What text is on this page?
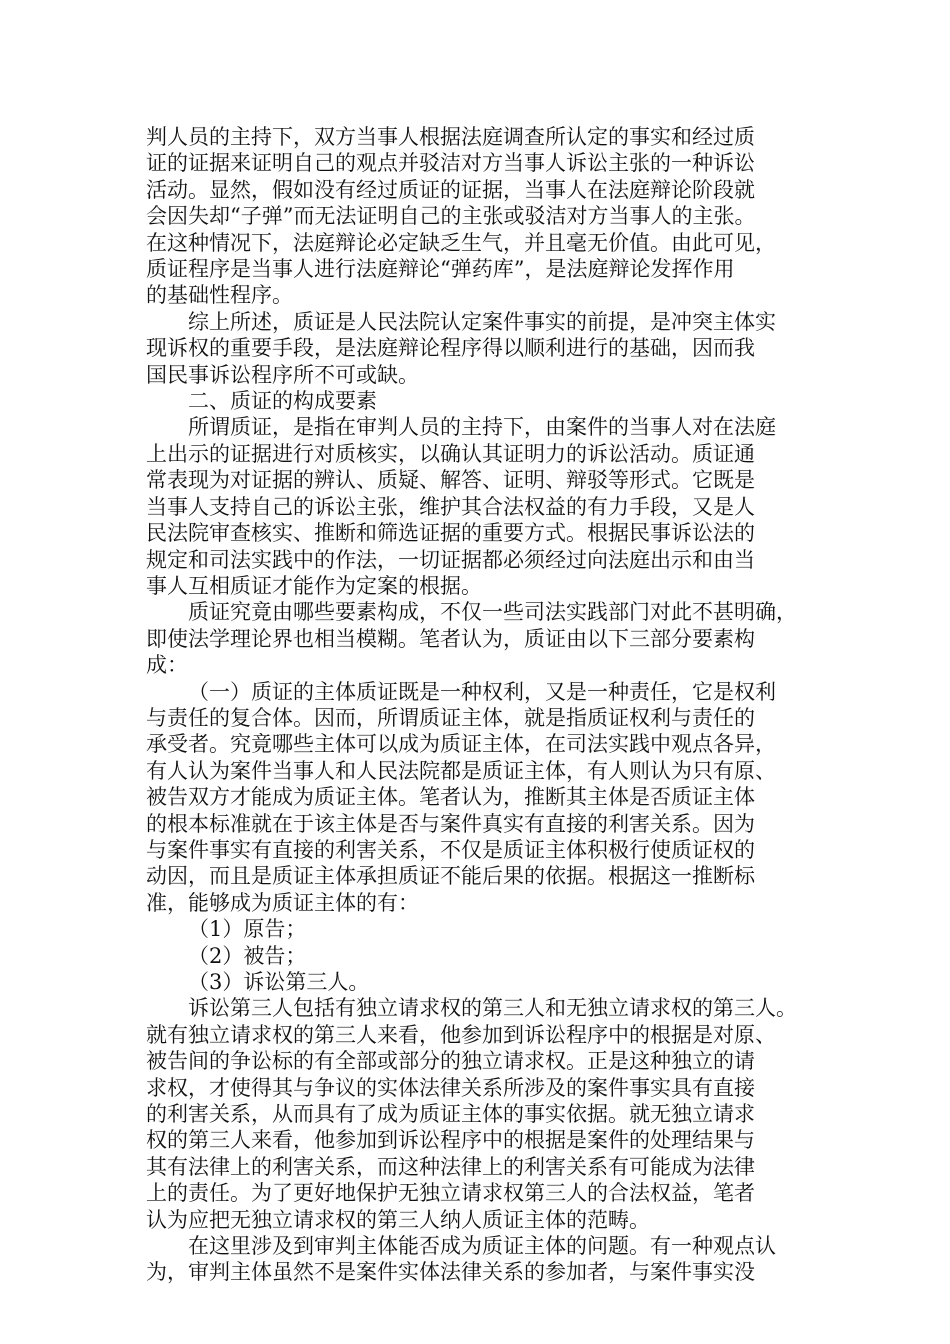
判人员的主持下，双方当事人根据法庭调查所认定的事实和经过质
证的证据来证明自己的观点并驳洁对方当事人诉讼主张的一种诉讼
活动。显然，假如没有经过质证的证据，当事人在法庭辩论阶段就
会因失却“子弹”而无法证明自己的主张或驳洁对方当事人的主张。
在这种情况下，法庭辩论必定缺乏生气，并且毫无价值。由此可见，
质证程序是当事人进行法庭辩论“弹药库”，是法庭辩论发挥作用
的基础性程序。

综上所述，质证是人民法院认定案件事实的前提，是冲突主体实
现诉权的重要手段，是法庭辩论程序得以顺利进行的基础，因而我
国民事诉讼程序所不可或缺。

二、质证的构成要素

所谓质证，是指在审判人员的主持下，由案件的当事人对在法庭
上出示的证据进行对质核实，以确认其证明力的诉讼活动。质证通
常表现为对证据的辨认、质疑、解答、证明、辩驳等形式。它既是
当事人支持自己的诉讼主张，维护其合法权益的有力手段，又是人
民法院审查核实、推断和筛选证据的重要方式。根据民事诉讼法的
规定和司法实践中的作法，一切证据都必须经过向法庭出示和由当
事人互相质证才能作为定案的根据。

质证究竟由哪些要素构成，不仅一些司法实践部门对此不甚明确，
即使法学理论界也相当模糊。笔者认为，质证由以下三部分要素构
成：

（一）质证的主体质证既是一种权利，又是一种责任，它是权利
与责任的复合体。因而，所谓质证主体，就是指质证权利与责任的
承受者。究竟哪些主体可以成为质证主体，在司法实践中观点各异，
有人认为案件当事人和人民法院都是质证主体，有人则认为只有原、
被告双方才能成为质证主体。笔者认为，推断其主体是否质证主体
的根本标准就在于该主体是否与案件真实有直接的利害关系。因为
与案件事实有直接的利害关系，不仅是质证主体积极行使质证权的
动因，而且是质证主体承担质证不能后果的依据。根据这一推断标
准，能够成为质证主体的有：

（1）原告；

（2）被告；

（3）诉讼第三人。

诉讼第三人包括有独立请求权的第三人和无独立请求权的第三人。
就有独立请求权的第三人来看，他参加到诉讼程序中的根据是对原、
被告间的争讼标的有全部或部分的独立请求权。正是这种独立的请
求权，才使得其与争议的实体法律关系所涉及的案件事实具有直接
的利害关系，从而具有了成为质证主体的事实依据。就无独立请求
权的第三人来看，他参加到诉讼程序中的根据是案件的处理结果与
其有法律上的利害关系，而这种法律上的利害关系有可能成为法律
上的责任。为了更好地保护无独立请求权第三人的合法权益，笔者
认为应把无独立请求权的第三人纳人质证主体的范畴。

在这里涉及到审判主体能否成为质证主体的问题。有一种观点认
为，审判主体虽然不是案件实体法律关系的参加者，与案件事实没
